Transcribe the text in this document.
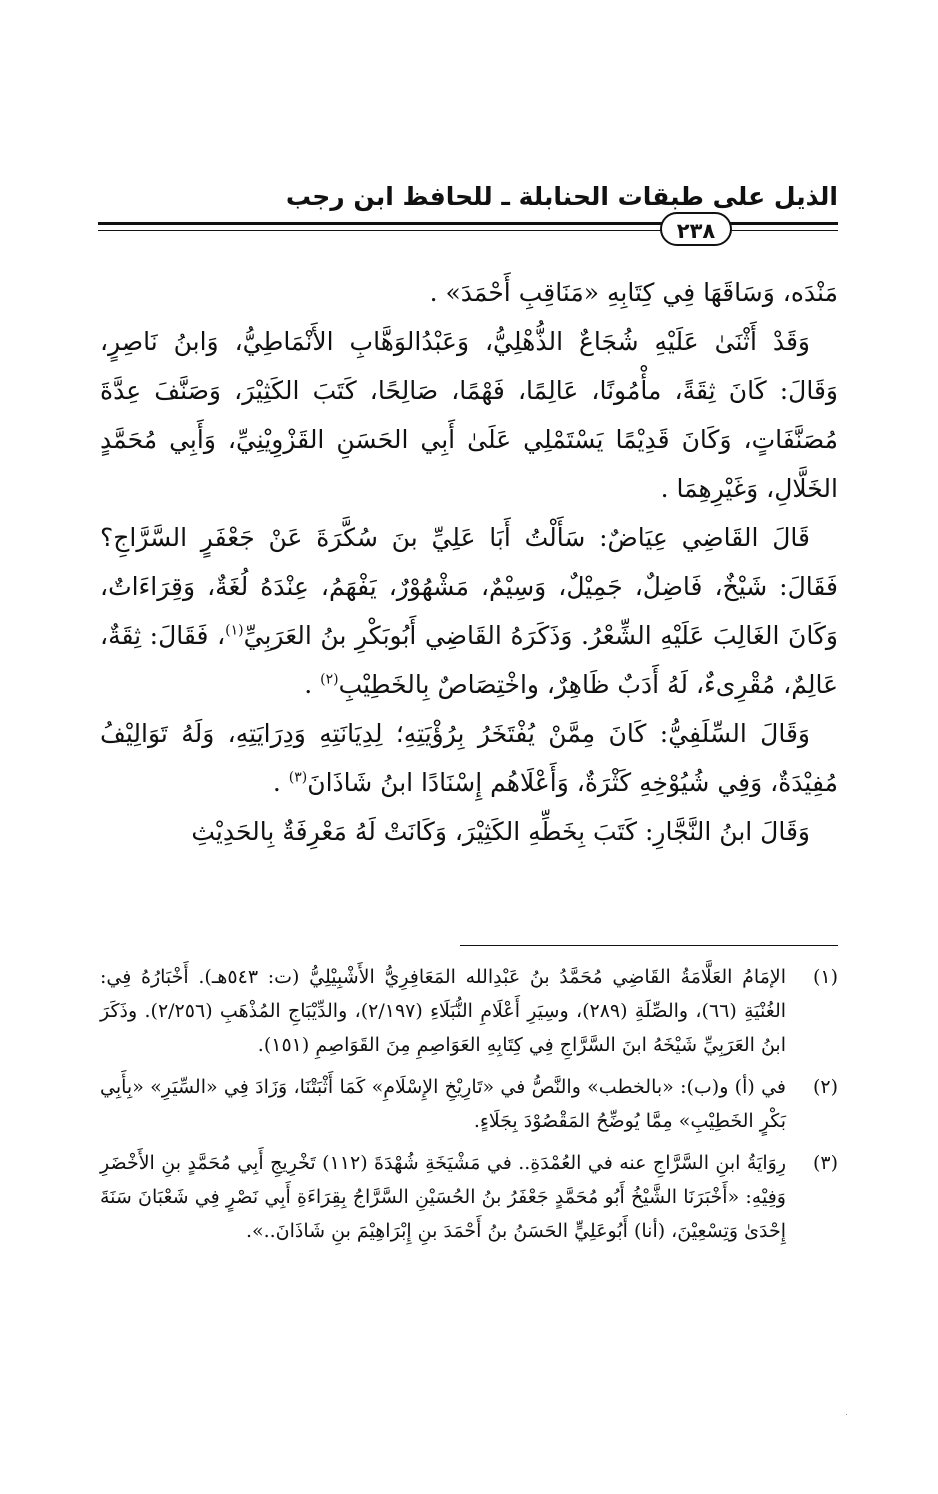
الذيل على طبقات الحنابلة ـ للحافظ ابن رجب
٢٣٨

مَنْدَه، وَسَاقَهَا فِي كِتَابِهِ «مَنَاقِبِ أَحْمَدَ» .

وَقَدْ أَثْنَىٰ عَلَيْهِ شُجَاعٌ الذُّهْلِيُّ، وَعَبْدُالوَهَّابِ الأَنْمَاطِيُّ، وَابنُ نَاصِرٍ، وَقَالَ: كَانَ ثِقَةً، مأْمُونًا، عَالِمًا، فَهْمًا، صَالِحًا، كَتَبَ الكَثِيْرَ، وَصَنَّفَ عِدَّةَ مُصَنَّفَاتٍ، وَكَانَ قَدِيْمًا يَسْتَمْلِي عَلَىٰ أَبِي الحَسَنِ القَزْوِيْنِيِّ، وَأَبِي مُحَمَّدٍ الخَلَّالِ، وَغَيْرِهِمَا .

قَالَ القَاضِي عِيَاضٌ: سَأَلْتُ أَبَا عَلِيِّ بنَ سُكَّرَةَ عَنْ جَعْفَرٍ السَّرَّاجِ؟ فَقَالَ: شَيْخٌ، فَاضِلٌ، جَمِيْلٌ، وَسِيْمٌ، مَشْهُوْرٌ، يَفْهَمُ، عِنْدَهُ لُغَةٌ، وَقِرَاءَاتٌ، وَكَانَ الغَالِبَ عَلَيْهِ الشِّعْرُ. وَذَكَرَهُ القَاضِي أَبُوبَكْرِ بنُ العَرَبِيِّ$^{(١)}$، فَقَالَ: ثِقَةٌ، عَالِمٌ، مُقْرِىءٌ، لَهُ أَدَبٌ ظَاهِرٌ، واخْتِصَاصٌ بِالخَطِيْبِ$^{(٢)}$ .

وَقَالَ السِّلَفِيُّ: كَانَ مِمَّنْ يُفْتَخَرُ بِرُؤْيَتِهِ؛ لِدِيَانَتِهِ وَدِرَايَتِهِ، وَلَهُ تَوَالِيْفُ مُفِيْدَةٌ، وَفِي شُيُوْخِهِ كَثْرَةٌ، وَأَعْلَاهُم إِسْنَادًا ابنُ شَاذَانَ$^{(٣)}$ .

وَقَالَ ابنُ النَّجَّارِ: كَتَبَ بِخَطِّهِ الكَثِيْرَ، وَكَانَتْ لَهُ مَعْرِفَةٌ بِالحَدِيْثِ

(١)
الإمَامُ العَلَّامَةُ القَاضِي مُحَمَّدُ بنُ عَبْدِالله المَعَافِرِيُّ الأَشْبِيْلِيُّ (ت: ٥٤٣هـ). أَخْبَارُهُ فِي: الغُنْيَةِ (٦٦)، والصِّلَةِ (٢٨٩)، وسِيَرِ أَعْلَامِ النُّبَلَاءِ (٢/١٩٧)، والدِّيْبَاجِ المُذْهَبِ (٢/٢٥٦). وذَكَرَ ابنُ العَرَبِيِّ شَيْخَهُ ابنَ السَّرَّاجِ فِي كِتَابِهِ العَوَاصِمِ مِنَ القَوَاصِمِ (١٥١).
(٢)
في (أ) و(ب): «بالخطب» والنَّصُّ في «تَارِيْخِ الإِسْلَامِ» كَمَا أَثْبَتْنَا، وَزَادَ فِي «السِّيَرِ» «بِأَبِي بَكْرٍ الخَطِيْبِ» مِمَّا يُوضِّحُ المَقْصُوْدَ بِجَلَاءٍ.
(٣)
رِوَايَةُ ابنِ السَّرَّاجِ عنه في العُمْدَةِ.. في مَشْيَخَةِ شُهْدَةَ (١١٢) تَخْرِيجِ أَبِي مُحَمَّدٍ بنِ الأَخْضَرِ وَفِيْهِ: «أَخْبَرَنَا الشَّيْخُ أَبُو مُحَمَّدٍ جَعْفَرُ بنُ الحُسَيْنِ السَّرَّاجُ بِقِرَاءَةِ أَبِي نَصْرٍ فِي شَعْبَانَ سَنَةَ إِحْدَىٰ وَتِسْعِيْنَ، (أنا) أَبُوعَلِيٍّ الحَسَنُ بنُ أَحْمَدَ بنِ إِبْرَاهِيْمَ بنِ شَاذَانَ..».
